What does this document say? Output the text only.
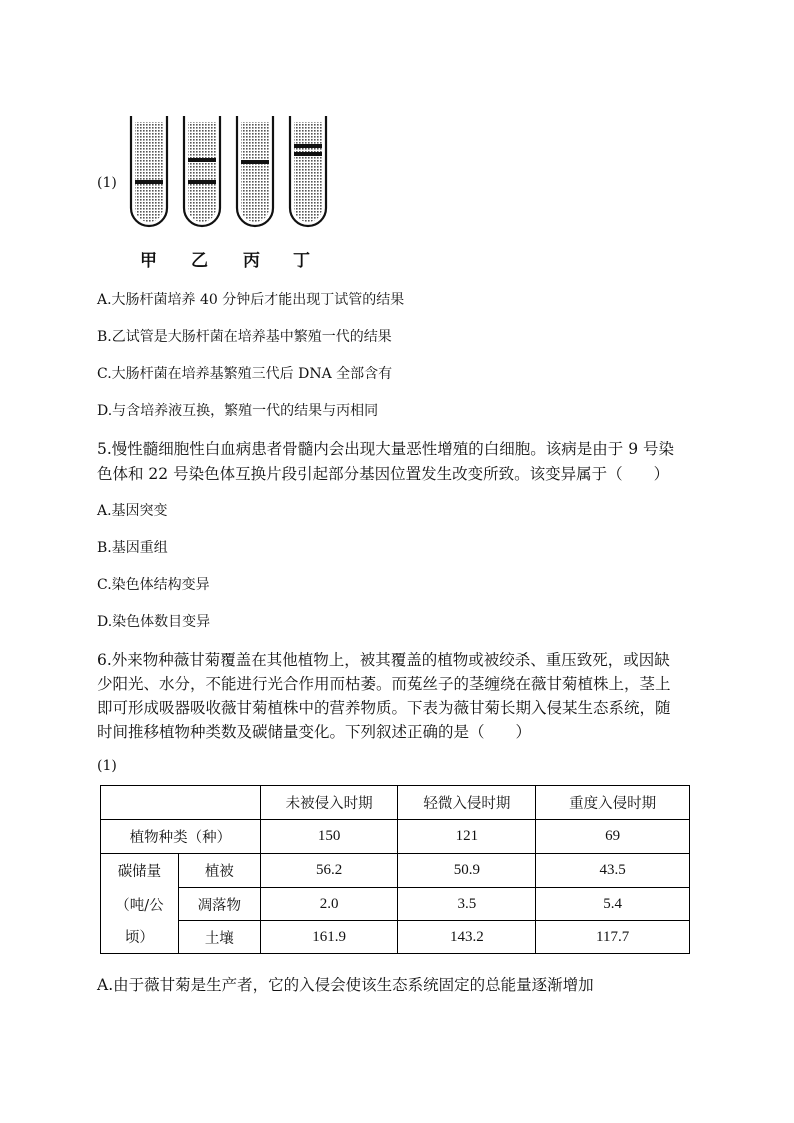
(1)
甲 乙 丙 丁
A.大肠杆菌培养 40 分钟后才能出现丁试管的结果
B.乙试管是大肠杆菌在培养基中繁殖一代的结果
C.大肠杆菌在培养基繁殖三代后 DNA 全部含有
D.与含培养液互换，繁殖一代的结果与丙相同
5.慢性髓细胞性白血病患者骨髓内会出现大量恶性增殖的白细胞。该病是由于 9 号染
色体和 22 号染色体互换片段引起部分基因位置发生改变所致。该变异属于（　　）
A.基因突变
B.基因重组
C.染色体结构变异
D.染色体数目变异
6.外来物种薇甘菊覆盖在其他植物上，被其覆盖的植物或被绞杀、重压致死，或因缺
少阳光、水分，不能进行光合作用而枯萎。而菟丝子的茎缠绕在薇甘菊植株上，茎上
即可形成吸器吸收薇甘菊植株中的营养物质。下表为薇甘菊长期入侵某生态系统，随
时间推移植物种类数及碳储量变化。下列叙述正确的是（　　）
(1)
		未被侵入时期	轻微入侵时期	重度入侵时期
植物种类（种）		150	121	69
碳储量	植被	56.2	50.9	43.5
（吨/公	凋落物	2.0	3.5	5.4
顷）	土壤	161.9	143.2	117.7
A.由于薇甘菊是生产者，它的入侵会使该生态系统固定的总能量逐渐增加
